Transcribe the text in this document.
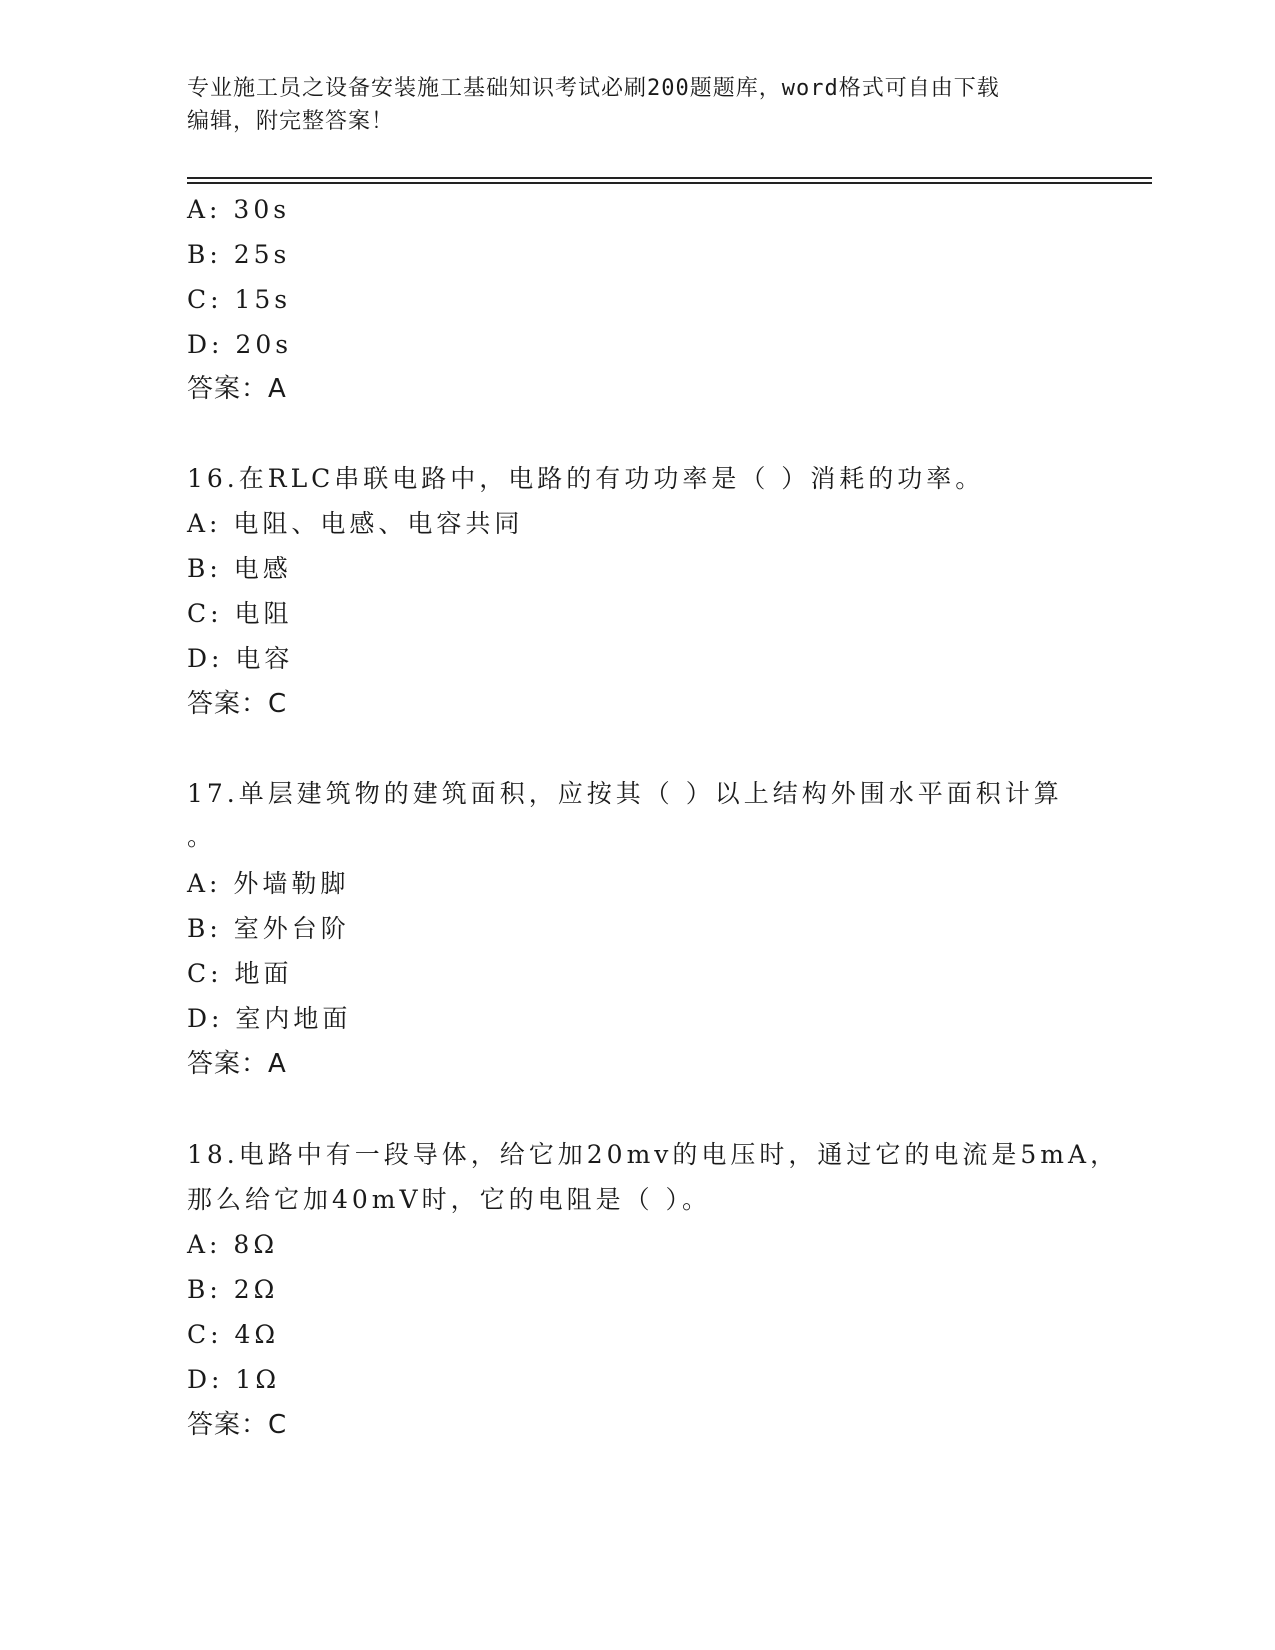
专业施工员之设备安装施工基础知识考试必刷200题题库，word格式可自由下载
编辑，附完整答案！
A: 30s
B: 25s
C: 15s
D: 20s
答案：A
16.在RLC串联电路中，电路的有功功率是（ ）消耗的功率。
A: 电阻、电感、电容共同
B: 电感
C: 电阻
D: 电容
答案：C
17.单层建筑物的建筑面积，应按其（ ）以上结构外围水平面积计算
。
A: 外墙勒脚
B: 室外台阶
C: 地面
D: 室内地面
答案：A
18.电路中有一段导体，给它加20mv的电压时，通过它的电流是5mA，
那么给它加40mV时，它的电阻是（ ）。
A: 8Ω
B: 2Ω
C: 4Ω
D: 1Ω
答案：C
